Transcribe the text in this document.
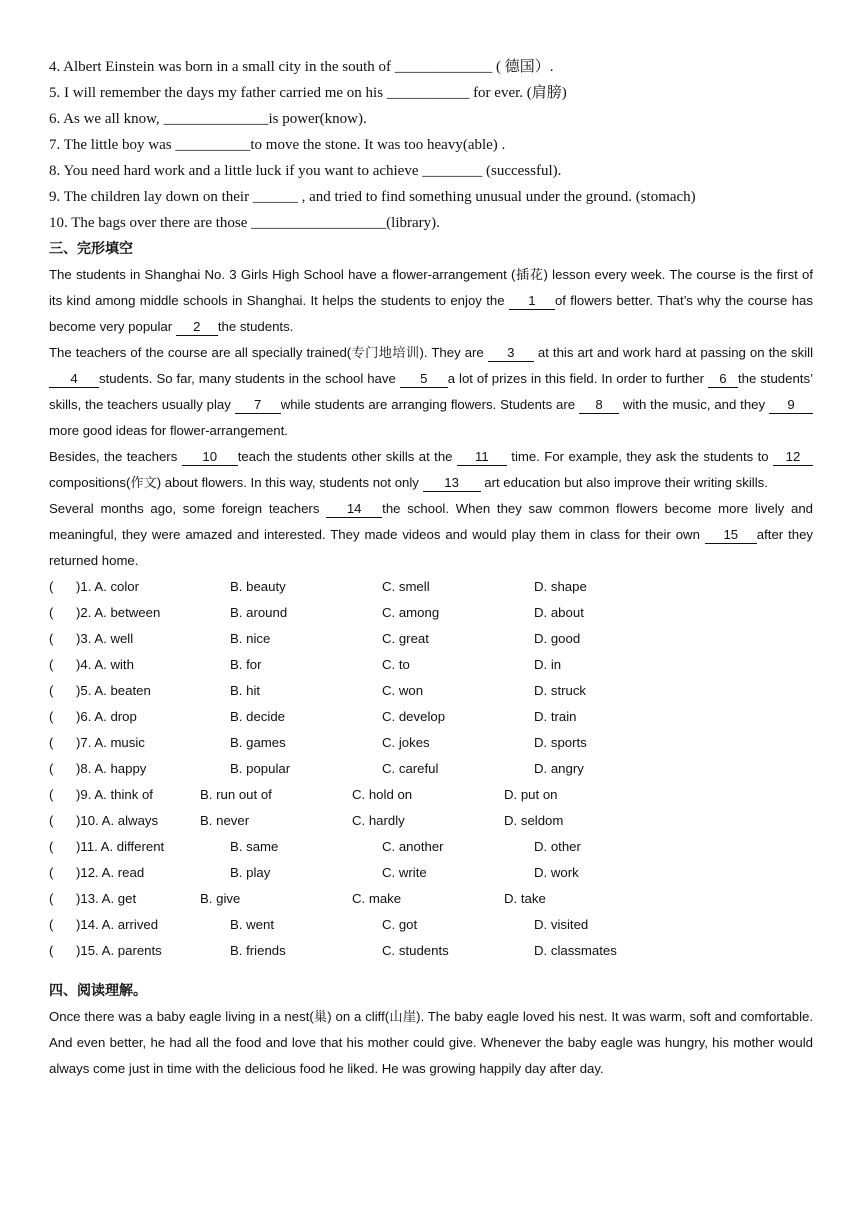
4. Albert Einstein was born in a small city in the south of _____________ ( 德国）.
5. I will remember the days my father carried me on his ___________ for ever. (肩膀)
6. As we all know, ______________is power(know).
7. The little boy was __________to move the stone. It was too heavy(able) .
8. You need hard work and a little luck if you want to achieve ________ (successful).
9. The children lay down on their ______ , and tried to find something unusual under the ground. (stomach)
10. The bags over there are those __________________(library).
三、完形填空

The students in Shanghai No. 3 Girls High School have a flower-arrangement (插花) lesson every week. The course is the first of its kind among middle schools in Shanghai. It helps the students to enjoy the 1 of flowers better. That’s why the course has become very popular 2 the students.

The teachers of the course are all specially trained(专门地培训). They are 3 at this art and work hard at passing on the skill 4 students. So far, many students in the school have 5 a lot of prizes in this field. In order to further 6 the students’ skills, the teachers usually play 7 while students are arranging flowers. Students are 8 with the music, and they 9more good ideas for flower-arrangement.

Besides, the teachers 10 teach the students other skills at the 11 time. For example, they ask the students to 12compositions(作文) about flowers. In this way, students not only 13 art education but also improve their writing skills.

Several months ago, some foreign teachers 14 the school. When they saw common flowers become more lively and meaningful, they were amazed and interested. They made videos and would play them in class for their own 15 after they returned home.

( )1. A. color	B. beauty	C. smell	D. shape
( )2. A. between	B. around	C. among	D. about
( )3. A. well	B. nice	C. great	D. good
( )4. A. with	B. for	C. to	D. in
( )5. A. beaten	B. hit	C. won	D. struck
( )6. A. drop	B. decide	C. develop	D. train
( )7. A. music	B. games	C. jokes	D. sports
( )8. A. happy	B. popular	C. careful	D. angry
( )9. A. think of	B. run out of	C. hold on	D. put on
( )10. A. always	B. never	C. hardly	D. seldom
( )11. A. different	B. same	C. another	D. other
( )12. A. read	B. play	C. write	D. work
( )13. A. get	B. give	C. make	D. take
( )14. A. arrived	B. went	C. got	D. visited
( )15. A. parents	B. friends	C. students	D. classmates
四、阅读理解。

Once there was a baby eagle living in a nest(巢) on a cliff(山崖). The baby eagle loved his nest. It was warm, soft and comfortable. And even better, he had all the food and love that his mother could give. Whenever the baby eagle was hungry, his mother would always come just in time with the delicious food he liked. He was growing happily day after day.
